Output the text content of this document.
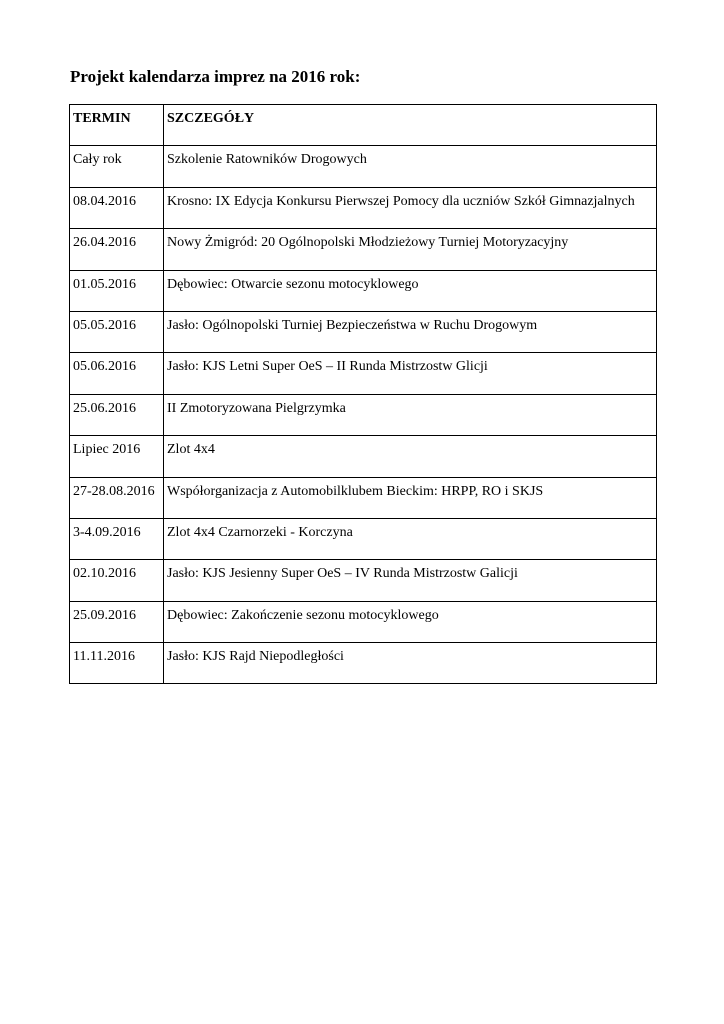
Projekt kalendarza imprez na 2016 rok:
TERMIN	SZCZEGÓŁY
Cały rok	Szkolenie Ratowników Drogowych
08.04.2016	Krosno: IX Edycja Konkursu Pierwszej Pomocy dla uczniów Szkół Gimnazjalnych
26.04.2016	Nowy Żmigród: 20 Ogólnopolski Młodzieżowy Turniej Motoryzacyjny
01.05.2016	Dębowiec: Otwarcie sezonu motocyklowego
05.05.2016	Jasło: Ogólnopolski Turniej Bezpieczeństwa w Ruchu Drogowym
05.06.2016	Jasło: KJS Letni Super OeS – II Runda Mistrzostw Glicji
25.06.2016	II Zmotoryzowana Pielgrzymka
Lipiec 2016	Zlot 4x4
27-28.08.2016	Współorganizacja z Automobilklubem Bieckim: HRPP, RO i SKJS
3-4.09.2016	Zlot 4x4 Czarnorzeki - Korczyna
02.10.2016	Jasło: KJS Jesienny Super OeS – IV Runda Mistrzostw Galicji
25.09.2016	Dębowiec: Zakończenie sezonu motocyklowego
11.11.2016	Jasło: KJS Rajd Niepodległości
